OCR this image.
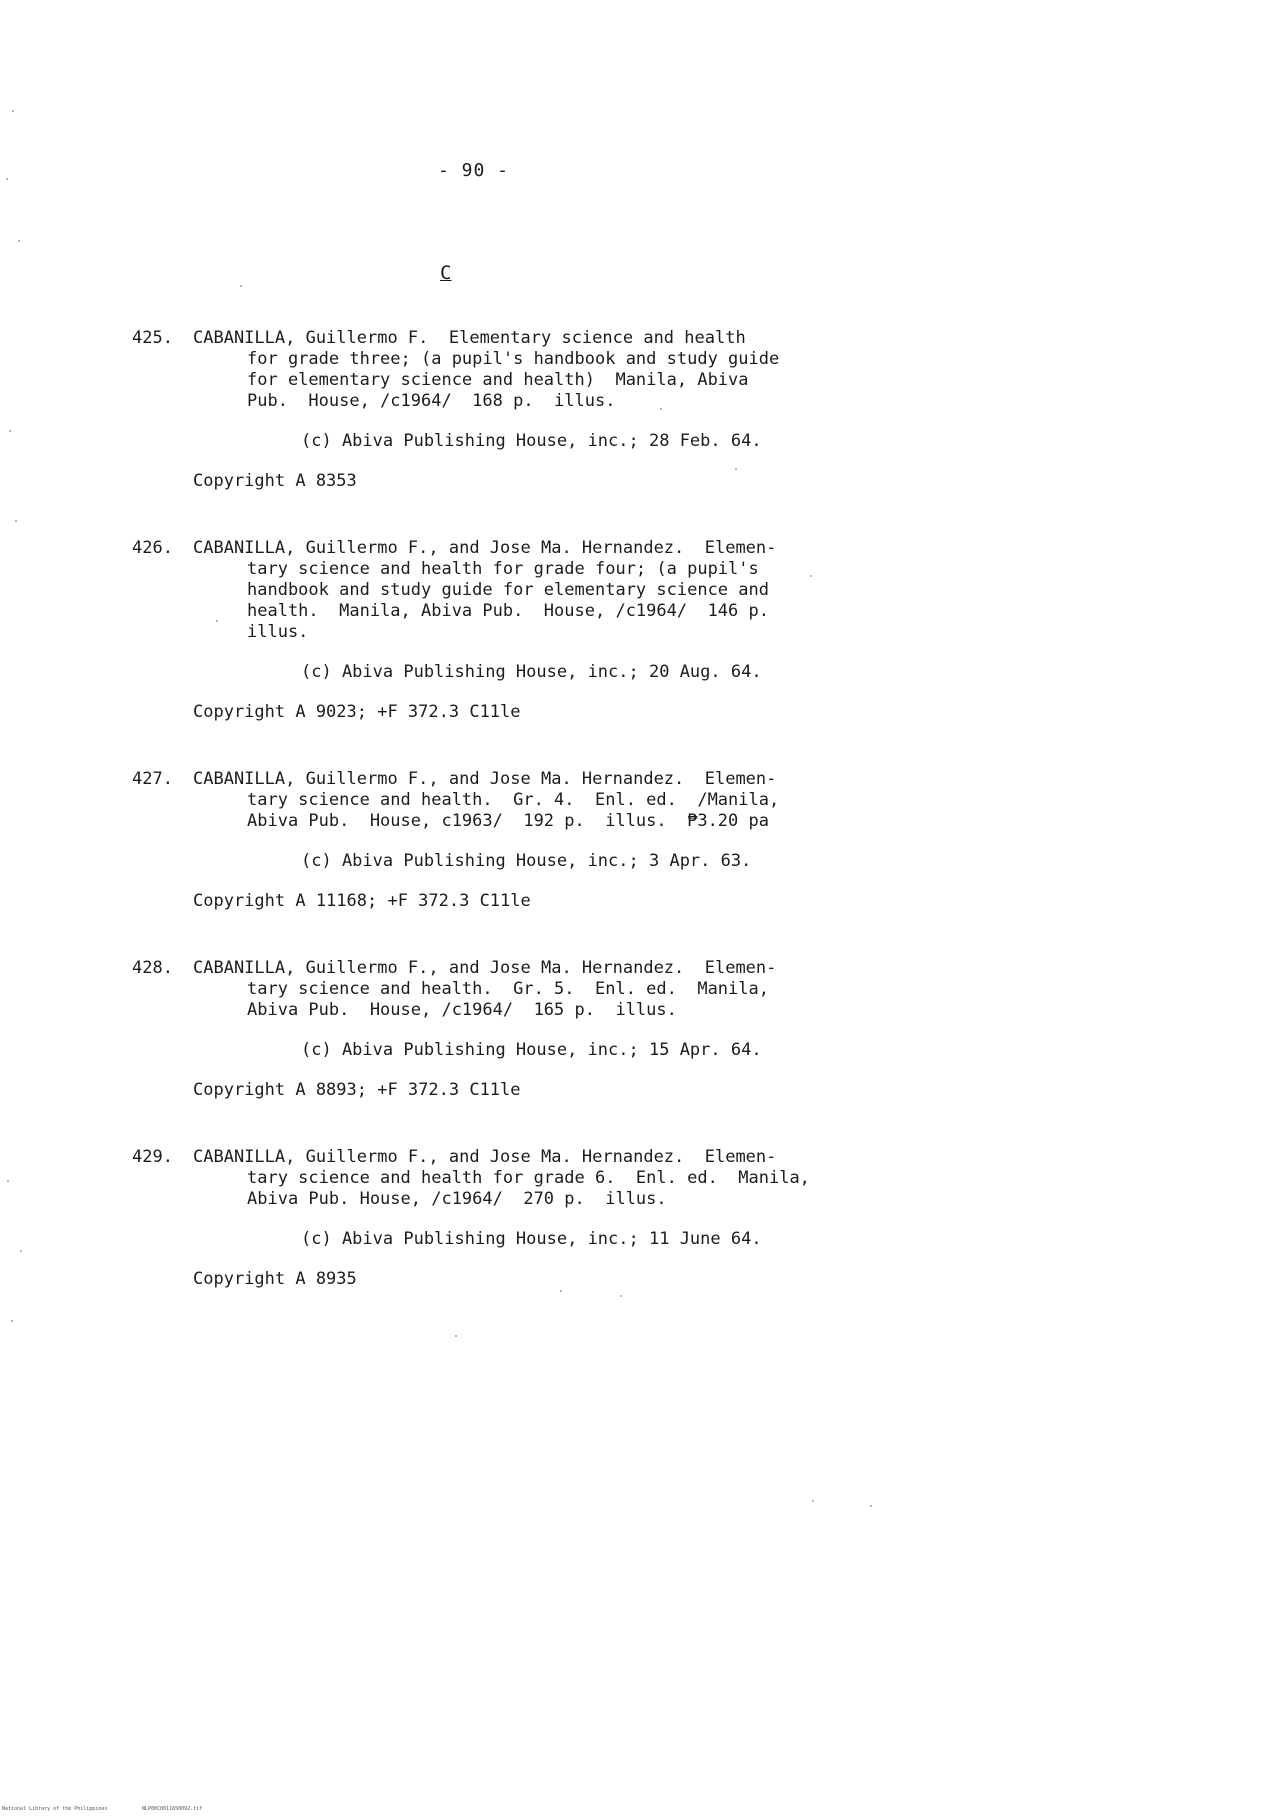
- 90 -
C
425. CABANILLA, Guillermo F.  Elementary science and health
for grade three; (a pupil's handbook and study guide
for elementary science and health)  Manila, Abiva
Pub.  House, /c1964/  168 p.  illus.
(c) Abiva Publishing House, inc.; 28 Feb. 64.
Copyright A 8353
426. CABANILLA, Guillermo F., and Jose Ma. Hernandez.  Elemen-
tary science and health for grade four; (a pupil's
handbook and study guide for elementary science and
health.  Manila, Abiva Pub.  House, /c1964/  146 p.
illus.
(c) Abiva Publishing House, inc.; 20 Aug. 64.
Copyright A 9023; +F 372.3 C11le
427. CABANILLA, Guillermo F., and Jose Ma. Hernandez.  Elemen-
tary science and health.  Gr. 4.  Enl. ed.  /Manila,
Abiva Pub.  House, c1963/  192 p.  illus.  ₱3.20 pa
(c) Abiva Publishing House, inc.; 3 Apr. 63.
Copyright A 11168; +F 372.3 C11le
428. CABANILLA, Guillermo F., and Jose Ma. Hernandez.  Elemen-
tary science and health.  Gr. 5.  Enl. ed.  Manila,
Abiva Pub.  House, /c1964/  165 p.  illus.
(c) Abiva Publishing House, inc.; 15 Apr. 64.
Copyright A 8893; +F 372.3 C11le
429. CABANILLA, Guillermo F., and Jose Ma. Hernandez.  Elemen-
tary science and health for grade 6.  Enl. ed.  Manila,
Abiva Pub. House, /c1964/  270 p.  illus.
(c) Abiva Publishing House, inc.; 11 June 64.
Copyright A 8935
National Library of the Philippines	NLP00C0011650092.tif
